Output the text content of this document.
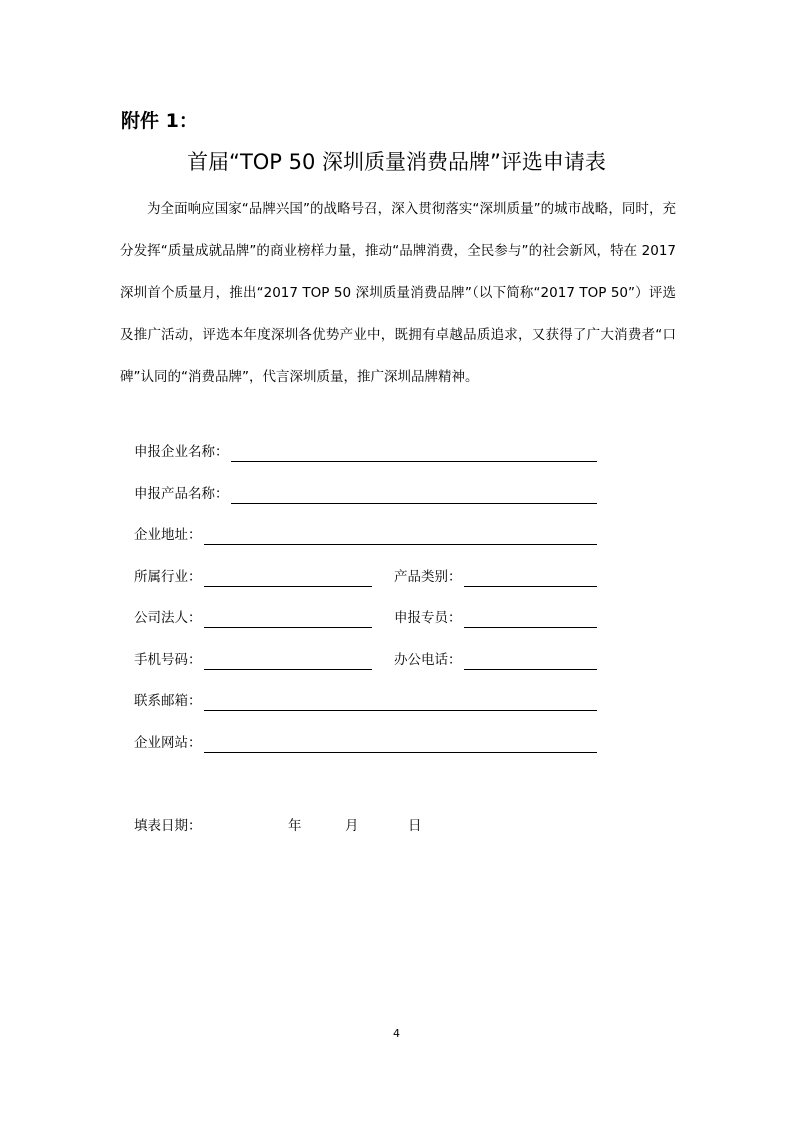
附件 1：
首届“TOP 50 深圳质量消费品牌”评选申请表

为全面响应国家“品牌兴国”的战略号召，深入贯彻落实“深圳质量”的城市战略，同时，充分发挥“质量成就品牌”的商业榜样力量，推动“品牌消费，全民参与”的社会新风，特在 2017 深圳首个质量月，推出“2017 TOP 50 深圳质量消费品牌”（以下简称“2017 TOP 50”）评选及推广活动，评选本年度深圳各优势产业中，既拥有卓越品质追求，又获得了广大消费者“口碑”认同的“消费品牌”，代言深圳质量，推广深圳品牌精神。

申报企业名称：
申报产品名称：
企业地址：
所属行业：	产品类别：
公司法人：	申报专员：
手机号码：	办公电话：
联系邮箱：
企业网站：
填表日期：	年	月	日
4
